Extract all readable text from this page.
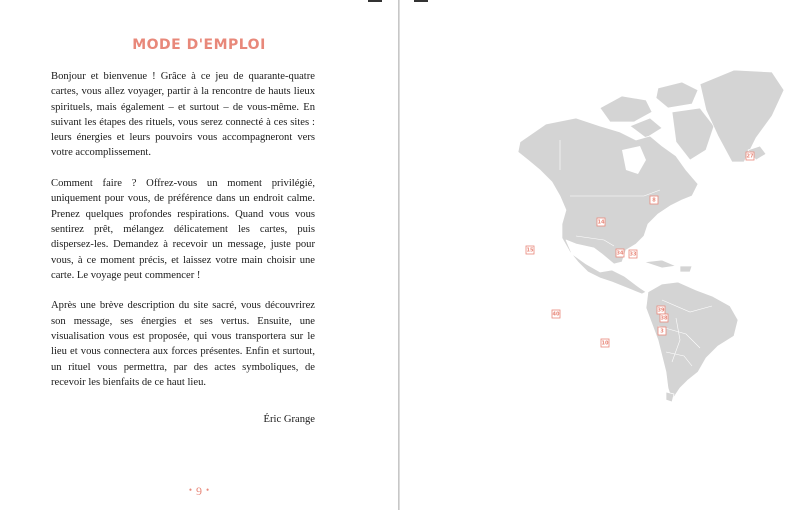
MODE D'EMPLOI

Bonjour et bienvenue ! Grâce à ce jeu de quarante-quatre cartes, vous allez voyager, partir à la rencontre de hauts lieux spirituels, mais également – et surtout – de vous-même. En suivant les étapes des rituels, vous serez connecté à ces sites : leurs énergies et leurs pouvoirs vous accompagneront vers votre accomplissement.

Comment faire ? Offrez-vous un moment privilégié, uniquement pour vous, de préférence dans un endroit calme. Prenez quelques profondes respirations. Quand vous vous sentirez prêt, mélangez délicatement les cartes, puis dispersez-les. Demandez à recevoir un message, juste pour vous, à ce moment précis, et laissez votre main choisir une carte. Le voyage peut commencer !

Après une brève description du site sacré, vous découvrirez son message, ses énergies et ses vertus. Ensuite, une visualisation vous est proposée, qui vous transportera sur le lieu et vous connectera aux forces présentes. Enfin et surtout, un rituel vous permettra, par des actes symboliques, de recevoir les bienfaits de ce haut lieu.

Éric Grange
• 9 •
27
8
14
15	34 33
40
39
38
3
10
